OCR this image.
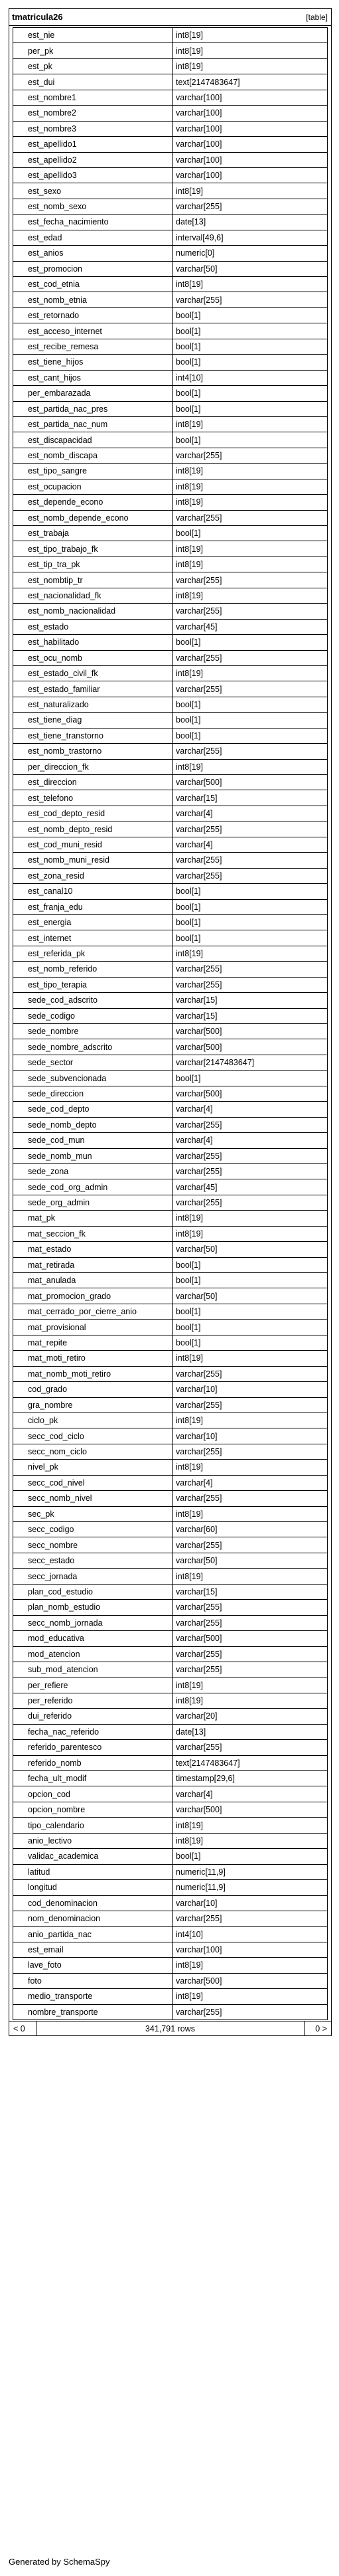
tmatricula26	[table]
est_nie	int8[19]
per_pk	int8[19]
est_pk	int8[19]
est_dui	text[2147483647]
est_nombre1	varchar[100]
est_nombre2	varchar[100]
est_nombre3	varchar[100]
est_apellido1	varchar[100]
est_apellido2	varchar[100]
est_apellido3	varchar[100]
est_sexo	int8[19]
est_nomb_sexo	varchar[255]
est_fecha_nacimiento	date[13]
est_edad	interval[49,6]
est_anios	numeric[0]
est_promocion	varchar[50]
est_cod_etnia	int8[19]
est_nomb_etnia	varchar[255]
est_retornado	bool[1]
est_acceso_internet	bool[1]
est_recibe_remesa	bool[1]
est_tiene_hijos	bool[1]
est_cant_hijos	int4[10]
per_embarazada	bool[1]
est_partida_nac_pres	bool[1]
est_partida_nac_num	int8[19]
est_discapacidad	bool[1]
est_nomb_discapa	varchar[255]
est_tipo_sangre	int8[19]
est_ocupacion	int8[19]
est_depende_econo	int8[19]
est_nomb_depende_econo	varchar[255]
est_trabaja	bool[1]
est_tipo_trabajo_fk	int8[19]
est_tip_tra_pk	int8[19]
est_nombtip_tr	varchar[255]
est_nacionalidad_fk	int8[19]
est_nomb_nacionalidad	varchar[255]
est_estado	varchar[45]
est_habilitado	bool[1]
est_ocu_nomb	varchar[255]
est_estado_civil_fk	int8[19]
est_estado_familiar	varchar[255]
est_naturalizado	bool[1]
est_tiene_diag	bool[1]
est_tiene_transtorno	bool[1]
est_nomb_trastorno	varchar[255]
per_direccion_fk	int8[19]
est_direccion	varchar[500]
est_telefono	varchar[15]
est_cod_depto_resid	varchar[4]
est_nomb_depto_resid	varchar[255]
est_cod_muni_resid	varchar[4]
est_nomb_muni_resid	varchar[255]
est_zona_resid	varchar[255]
est_canal10	bool[1]
est_franja_edu	bool[1]
est_energia	bool[1]
est_internet	bool[1]
est_referida_pk	int8[19]
est_nomb_referido	varchar[255]
est_tipo_terapia	varchar[255]
sede_cod_adscrito	varchar[15]
sede_codigo	varchar[15]
sede_nombre	varchar[500]
sede_nombre_adscrito	varchar[500]
sede_sector	varchar[2147483647]
sede_subvencionada	bool[1]
sede_direccion	varchar[500]
sede_cod_depto	varchar[4]
sede_nomb_depto	varchar[255]
sede_cod_mun	varchar[4]
sede_nomb_mun	varchar[255]
sede_zona	varchar[255]
sede_cod_org_admin	varchar[45]
sede_org_admin	varchar[255]
mat_pk	int8[19]
mat_seccion_fk	int8[19]
mat_estado	varchar[50]
mat_retirada	bool[1]
mat_anulada	bool[1]
mat_promocion_grado	varchar[50]
mat_cerrado_por_cierre_anio	bool[1]
mat_provisional	bool[1]
mat_repite	bool[1]
mat_moti_retiro	int8[19]
mat_nomb_moti_retiro	varchar[255]
cod_grado	varchar[10]
gra_nombre	varchar[255]
ciclo_pk	int8[19]
secc_cod_ciclo	varchar[10]
secc_nom_ciclo	varchar[255]
nivel_pk	int8[19]
secc_cod_nivel	varchar[4]
secc_nomb_nivel	varchar[255]
sec_pk	int8[19]
secc_codigo	varchar[60]
secc_nombre	varchar[255]
secc_estado	varchar[50]
secc_jornada	int8[19]
plan_cod_estudio	varchar[15]
plan_nomb_estudio	varchar[255]
secc_nomb_jornada	varchar[255]
mod_educativa	varchar[500]
mod_atencion	varchar[255]
sub_mod_atencion	varchar[255]
per_refiere	int8[19]
per_referido	int8[19]
dui_referido	varchar[20]
fecha_nac_referido	date[13]
referido_parentesco	varchar[255]
referido_nomb	text[2147483647]
fecha_ult_modif	timestamp[29,6]
opcion_cod	varchar[4]
opcion_nombre	varchar[500]
tipo_calendario	int8[19]
anio_lectivo	int8[19]
validac_academica	bool[1]
latitud	numeric[11,9]
longitud	numeric[11,9]
cod_denominacion	varchar[10]
nom_denominacion	varchar[255]
anio_partida_nac	int4[10]
est_email	varchar[100]
lave_foto	int8[19]
foto	varchar[500]
medio_transporte	int8[19]
nombre_transporte	varchar[255]
< 0	341,791 rows	0 >
Generated by SchemaSpy
